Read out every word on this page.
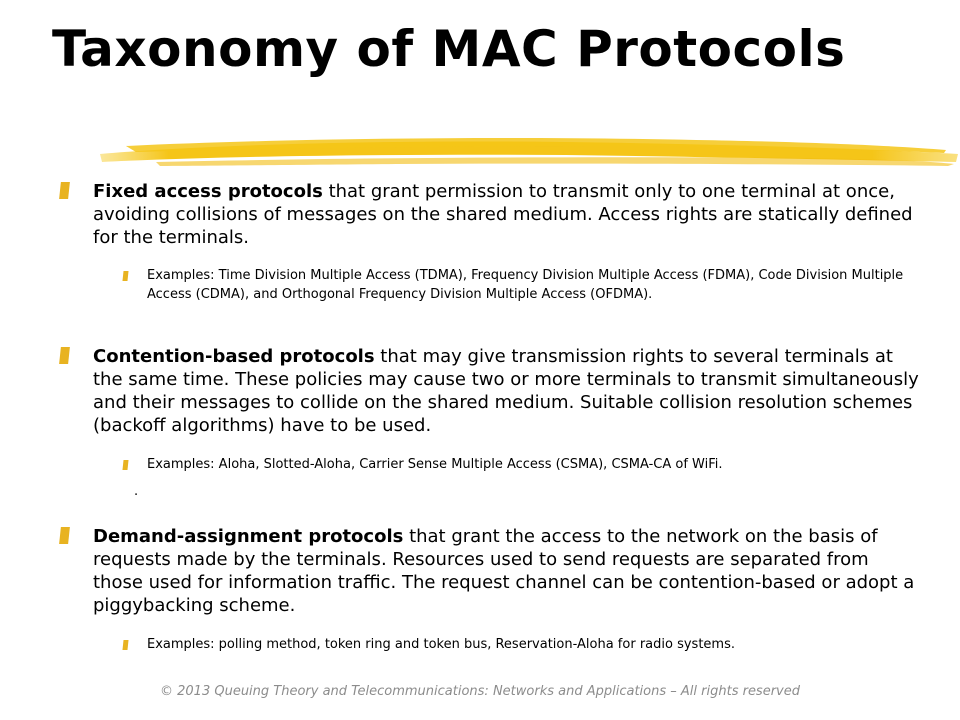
Taxonomy of MAC Protocols
Fixed access protocols that grant permission to transmit only to one terminal at once, avoiding collisions of messages on the shared medium. Access rights are statically defined for the terminals.
Examples: Time Division Multiple Access (TDMA), Frequency Division Multiple Access (FDMA), Code Division Multiple Access (CDMA), and Orthogonal Frequency Division Multiple Access (OFDMA).
Contention-based protocols that may give transmission rights to several terminals at the same time. These policies may cause two or more terminals to transmit simultaneously and their messages to collide on the shared medium. Suitable collision resolution schemes (backoff algorithms) have to be used.
Examples: Aloha, Slotted-Aloha, Carrier Sense Multiple Access (CSMA), CSMA-CA of WiFi.
Demand-assignment protocols that grant the access to the network on the basis of requests made by the terminals. Resources used to send requests are separated from those used for information traffic. The request channel can be contention-based or adopt a piggybacking scheme.
Examples: polling method, token ring and token bus, Reservation-Aloha for radio systems.
.
© 2013 Queuing Theory and Telecommunications: Networks and Applications – All rights reserved
